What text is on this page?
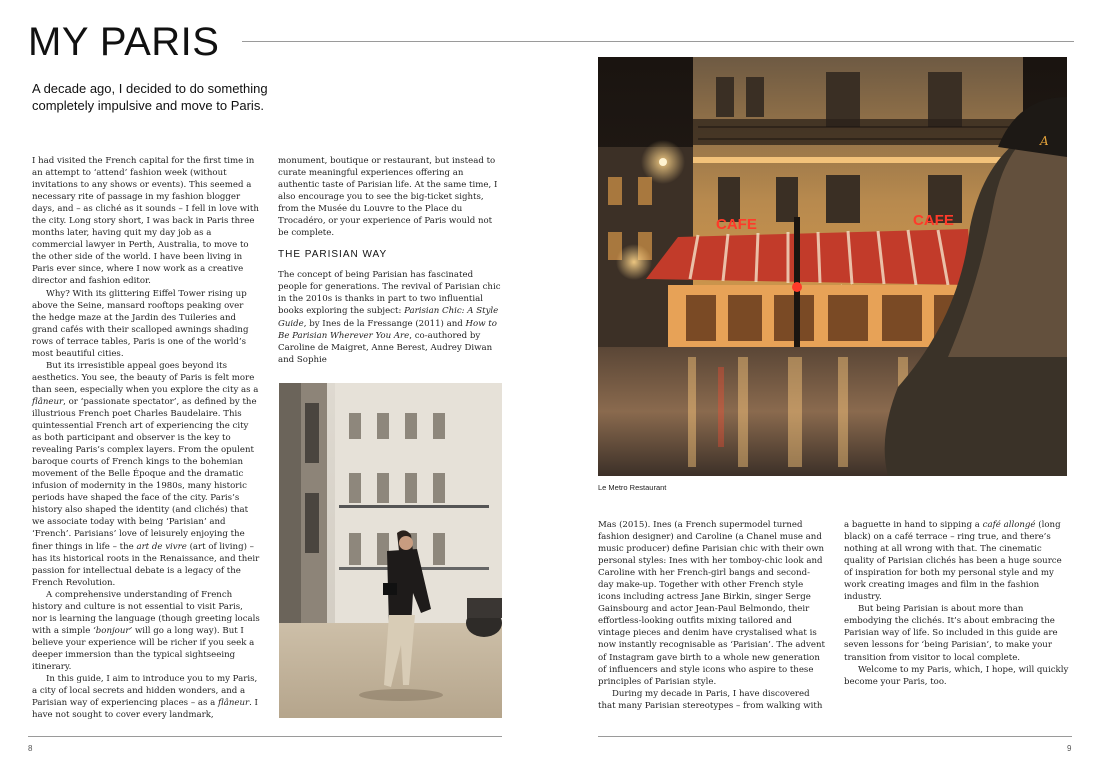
MY PARIS

A decade ago, I decided to do something completely impulsive and move to Paris.

I had visited the French capital for the first time in an attempt to ‘attend’ fashion week (without invitations to any shows or events). This seemed a necessary rite of passage in my fashion blogger days, and – as cliché as it sounds – I fell in love with the city. Long story short, I was back in Paris three months later, having quit my day job as a commercial lawyer in Perth, Australia, to move to the other side of the world. I have been living in Paris ever since, where I now work as a creative director and fashion editor.

Why? With its glittering Eiffel Tower rising up above the Seine, mansard rooftops peaking over the hedge maze at the Jardin des Tuileries and grand cafés with their scalloped awnings shading rows of terrace tables, Paris is one of the world’s most beautiful cities.

But its irresistible appeal goes beyond its aesthetics. You see, the beauty of Paris is felt more than seen, especially when you explore the city as a flâneur, or ‘passionate spectator’, as defined by the illustrious French poet Charles Baudelaire. This quintessential French art of experiencing the city as both participant and observer is the key to revealing Paris’s complex layers. From the opulent baroque courts of French kings to the bohemian movement of the Belle Époque and the dramatic infusion of modernity in the 1980s, many historic periods have shaped the face of the city. Paris’s history also shaped the identity (and clichés) that we associate today with being ‘Parisian’ and ‘French’. Parisians’ love of leisurely enjoying the finer things in life – the art de vivre (art of living) – has its historical roots in the Renaissance, and their passion for intellectual debate is a legacy of the French Revolution.

A comprehensive understanding of French history and culture is not essential to visit Paris, nor is learning the language (though greeting locals with a simple ‘bonjour’ will go a long way). But I believe your experience will be richer if you seek a deeper immersion than the typical sightseeing itinerary.

In this guide, I aim to introduce you to my Paris, a city of local secrets and hidden wonders, and a Parisian way of experiencing places – as a flâneur. I have not sought to cover every landmark,

monument, boutique or restaurant, but instead to curate meaningful experiences offering an authentic taste of Parisian life. At the same time, I also encourage you to see the big-ticket sights, from the Musée du Louvre to the Place du Trocadéro, or your experience of Paris would not be complete.

THE PARISIAN WAY

The concept of being Parisian has fascinated people for generations. The revival of Parisian chic in the 2010s is thanks in part to two influential books exploring the subject: Parisian Chic: A Style Guide, by Ines de la Fressange (2011) and How to Be Parisian Wherever You Are, co-authored by Caroline de Maigret, Anne Berest, Audrey Diwan and Sophie

8
CAFE	CAFE
A
Le Metro Restaurant

Mas (2015). Ines (a French supermodel turned fashion designer) and Caroline (a Chanel muse and music producer) define Parisian chic with their own personal styles: Ines with her tomboy-chic look and Caroline with her French-girl bangs and second-day make-up. Together with other French style icons including actress Jane Birkin, singer Serge Gainsbourg and actor Jean-Paul Belmondo, their effortless-looking outfits mixing tailored and vintage pieces and denim have crystalised what is now instantly recognisable as ‘Parisian’. The advent of Instagram gave birth to a whole new generation of influencers and style icons who aspire to these principles of Parisian style.

During my decade in Paris, I have discovered that many Parisian stereotypes – from walking with

a baguette in hand to sipping a café allongé (long black) on a café terrace – ring true, and there’s nothing at all wrong with that. The cinematic quality of Parisian clichés has been a huge source of inspiration for both my personal style and my work creating images and film in the fashion industry.

But being Parisian is about more than embodying the clichés. It’s about embracing the Parisian way of life. So included in this guide are seven lessons for ‘being Parisian’, to make your transition from visitor to local complete.

Welcome to my Paris, which, I hope, will quickly become your Paris, too.

9
